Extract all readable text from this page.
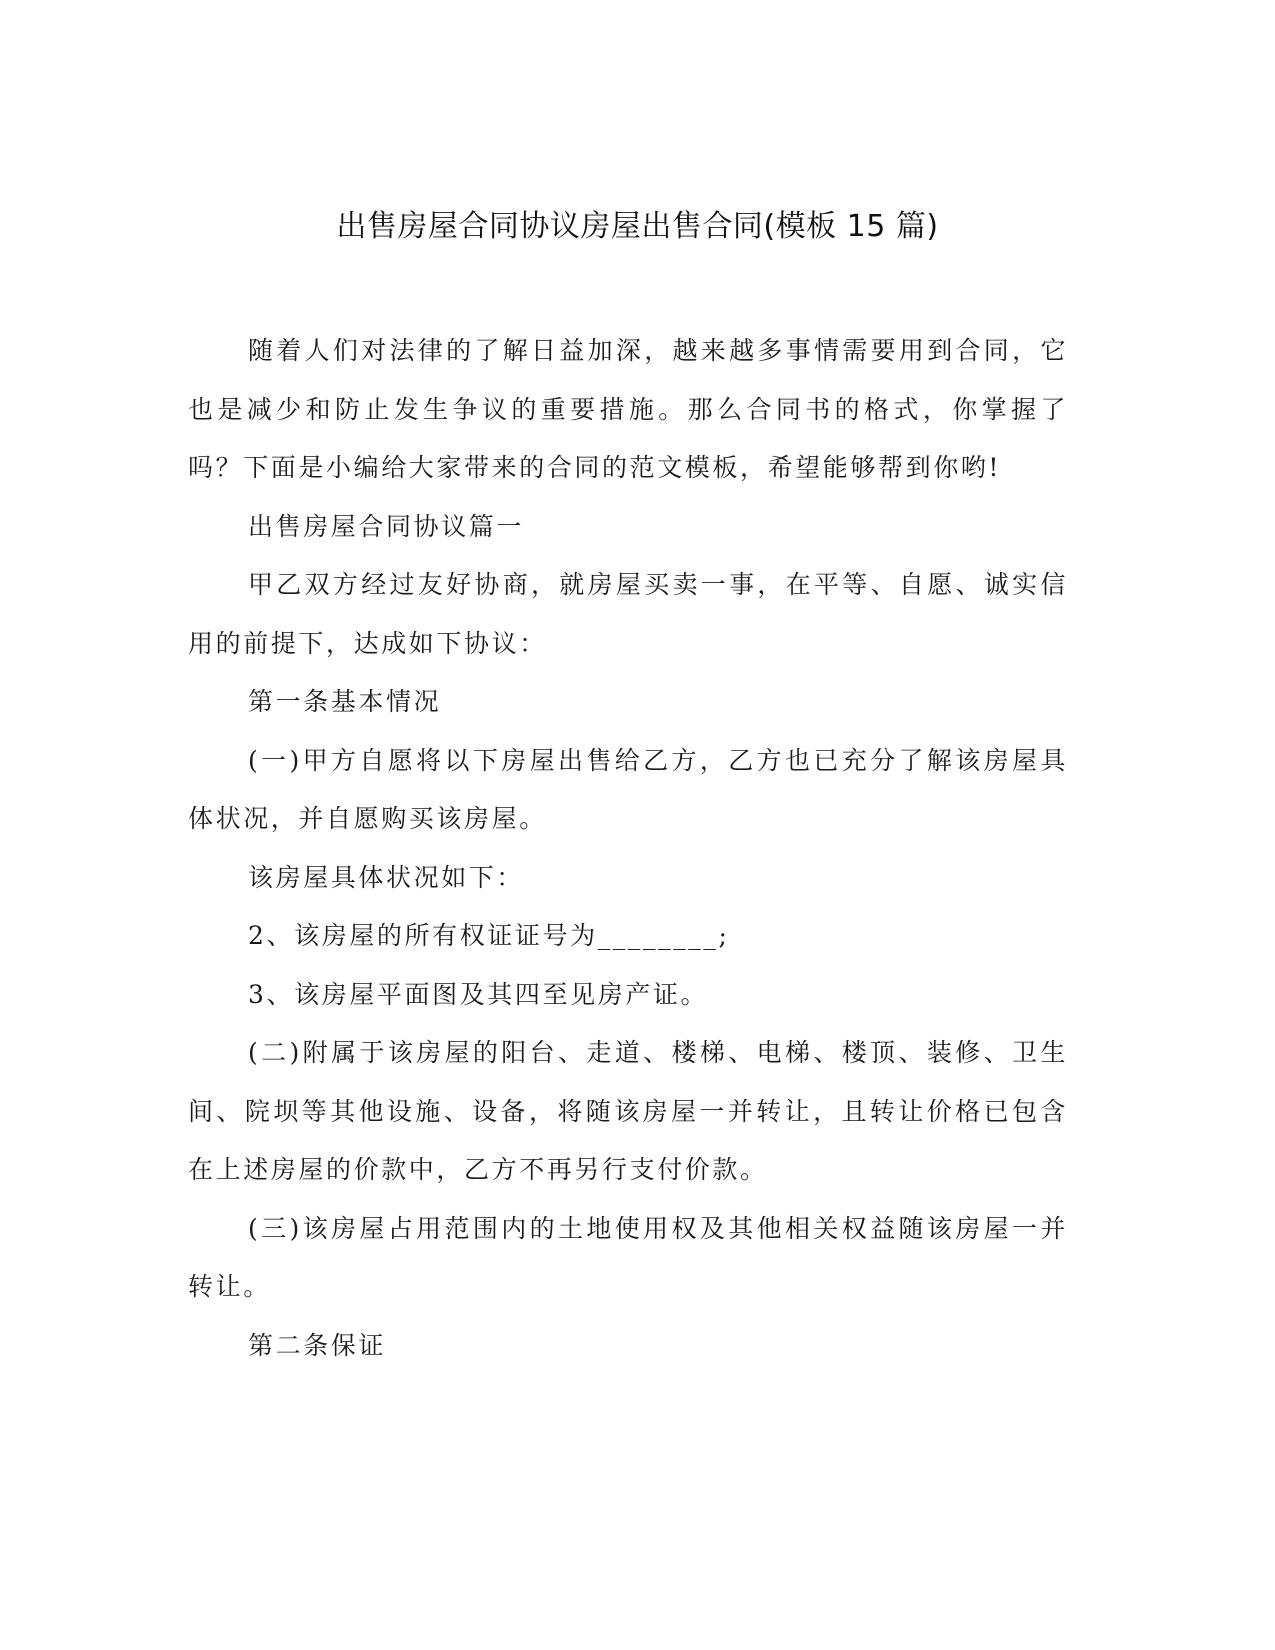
出售房屋合同协议房屋出售合同(模板 15 篇)

随着人们对法律的了解日益加深，越来越多事情需要用到合同，它也是减少和防止发生争议的重要措施。那么合同书的格式，你掌握了吗？下面是小编给大家带来的合同的范文模板，希望能够帮到你哟!

出售房屋合同协议篇一

甲乙双方经过友好协商，就房屋买卖一事，在平等、自愿、诚实信用的前提下，达成如下协议：

第一条基本情况

(一)甲方自愿将以下房屋出售给乙方，乙方也已充分了解该房屋具体状况，并自愿购买该房屋。

该房屋具体状况如下：

2、该房屋的所有权证证号为________;

3、该房屋平面图及其四至见房产证。

(二)附属于该房屋的阳台、走道、楼梯、电梯、楼顶、装修、卫生间、院坝等其他设施、设备，将随该房屋一并转让，且转让价格已包含在上述房屋的价款中，乙方不再另行支付价款。

(三)该房屋占用范围内的土地使用权及其他相关权益随该房屋一并转让。

第二条保证
